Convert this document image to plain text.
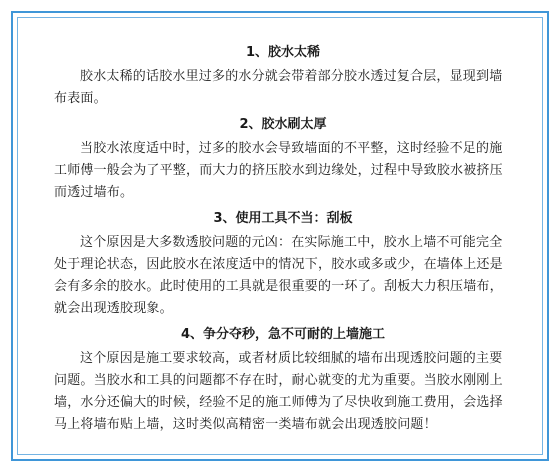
1、胶水太稀
胶水太稀的话胶水里过多的水分就会带着部分胶水透过复合层，显现到墙布表面。
2、胶水刷太厚
当胶水浓度适中时，过多的胶水会导致墙面的不平整，这时经验不足的施工师傅一般会为了平整，而大力的挤压胶水到边缘处，过程中导致胶水被挤压而透过墙布。
3、使用工具不当：刮板
这个原因是大多数透胶问题的元凶：在实际施工中，胶水上墙不可能完全处于理论状态，因此胶水在浓度适中的情况下，胶水或多或少，在墙体上还是会有多余的胶水。此时使用的工具就是很重要的一环了。刮板大力积压墙布，就会出现透胶现象。
4、争分夺秒，急不可耐的上墙施工
这个原因是施工要求较高，或者材质比较细腻的墙布出现透胶问题的主要问题。当胶水和工具的问题都不存在时，耐心就变的尤为重要。当胶水刚刚上墙，水分还偏大的时候，经验不足的施工师傅为了尽快收到施工费用，会选择马上将墙布贴上墙，这时类似高精密一类墙布就会出现透胶问题！
